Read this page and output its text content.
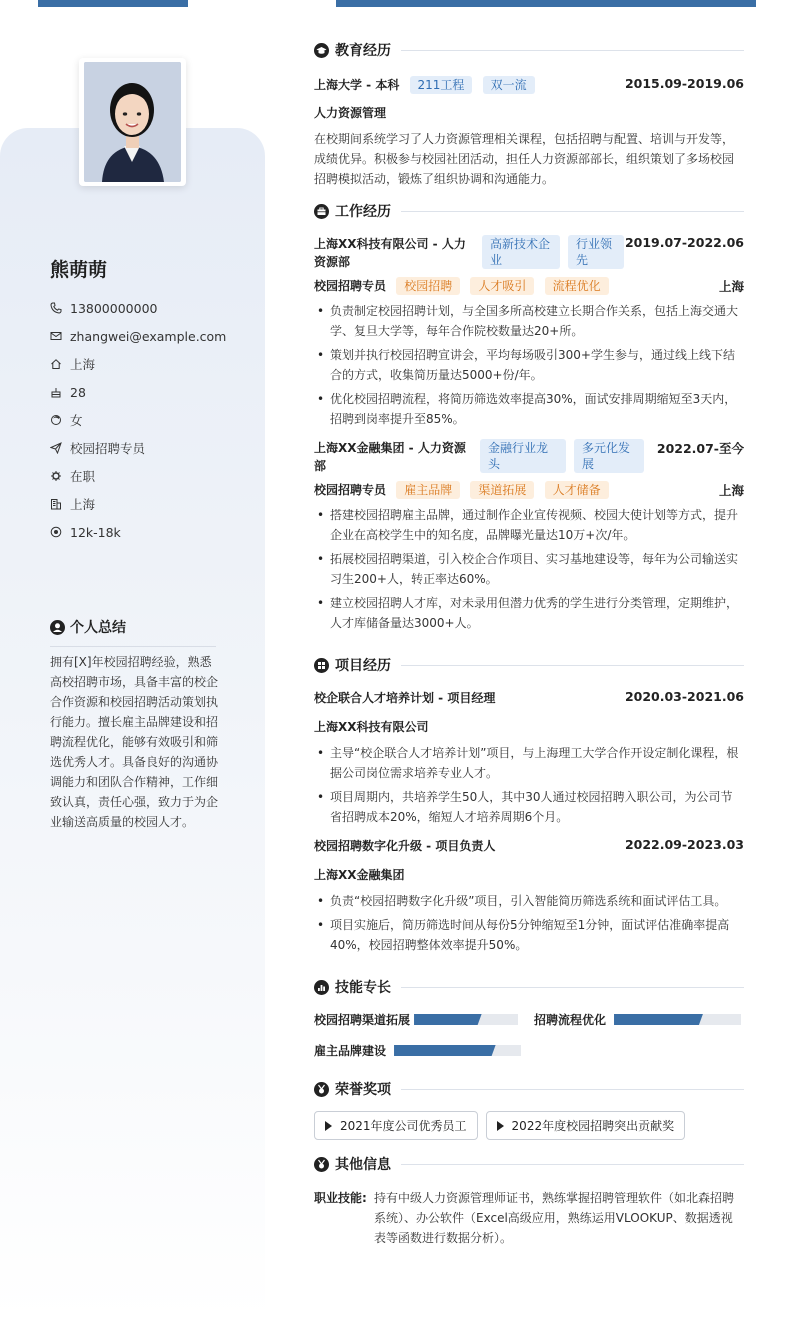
熊萌萌
13800000000
zhangwei@example.com
上海
28
女
校园招聘专员
在职
上海
12k-18k
个人总结
拥有[X]年校园招聘经验，熟悉高校招聘市场，具备丰富的校企合作资源和校园招聘活动策划执行能力。擅长雇主品牌建设和招聘流程优化，能够有效吸引和筛选优秀人才。具备良好的沟通协调能力和团队合作精神，工作细致认真，责任心强，致力于为企业输送高质量的校园人才。
教育经历
上海大学 - 本科 211工程 双一流	2015.09-2019.06
人力资源管理
在校期间系统学习了人力资源管理相关课程，包括招聘与配置、培训与开发等，成绩优异。积极参与校园社团活动，担任人力资源部部长，组织策划了多场校园招聘模拟活动，锻炼了组织协调和沟通能力。
工作经历
上海XX科技有限公司 - 人力资源部
高新技术企业
行业领先
2019.07-2022.06
校园招聘专员 校园招聘 人才吸引 流程优化	上海
• 负责制定校园招聘计划，与全国多所高校建立长期合作关系，包括上海交通大学、复旦大学等，每年合作院校数量达20+所。
• 策划并执行校园招聘宣讲会，平均每场吸引300+学生参与，通过线上线下结合的方式，收集简历量达5000+份/年。
• 优化校园招聘流程，将简历筛选效率提高30%，面试安排周期缩短至3天内，招聘到岗率提升至85%。
上海XX金融集团 - 人力资源部
金融行业龙头
多元化发展
2022.07-至今
校园招聘专员 雇主品牌 渠道拓展 人才储备	上海
• 搭建校园招聘雇主品牌，通过制作企业宣传视频、校园大使计划等方式，提升企业在高校学生中的知名度，品牌曝光量达10万+次/年。
• 拓展校园招聘渠道，引入校企合作项目、实习基地建设等，每年为公司输送实习生200+人，转正率达60%。
• 建立校园招聘人才库，对未录用但潜力优秀的学生进行分类管理，定期维护，人才库储备量达3000+人。
项目经历
校企联合人才培养计划 - 项目经理	2020.03-2021.06
上海XX科技有限公司
• 主导“校企联合人才培养计划”项目，与上海理工大学合作开设定制化课程，根据公司岗位需求培养专业人才。
• 项目周期内，共培养学生50人，其中30人通过校园招聘入职公司，为公司节省招聘成本20%，缩短人才培养周期6个月。
校园招聘数字化升级 - 项目负责人	2022.09-2023.03
上海XX金融集团
• 负责“校园招聘数字化升级”项目，引入智能简历筛选系统和面试评估工具。
• 项目实施后，简历筛选时间从每份5分钟缩短至1分钟，面试评估准确率提高40%，校园招聘整体效率提升50%。
技能专长
校园招聘渠道拓展	招聘流程优化
雇主品牌建设
荣誉奖项
2021年度公司优秀员工	2022年度校园招聘突出贡献奖
其他信息
职业技能: 持有中级人力资源管理师证书，熟练掌握招聘管理软件（如北森招聘系统）、办公软件（Excel高级应用，熟练运用VLOOKUP、数据透视表等函数进行数据分析）。
